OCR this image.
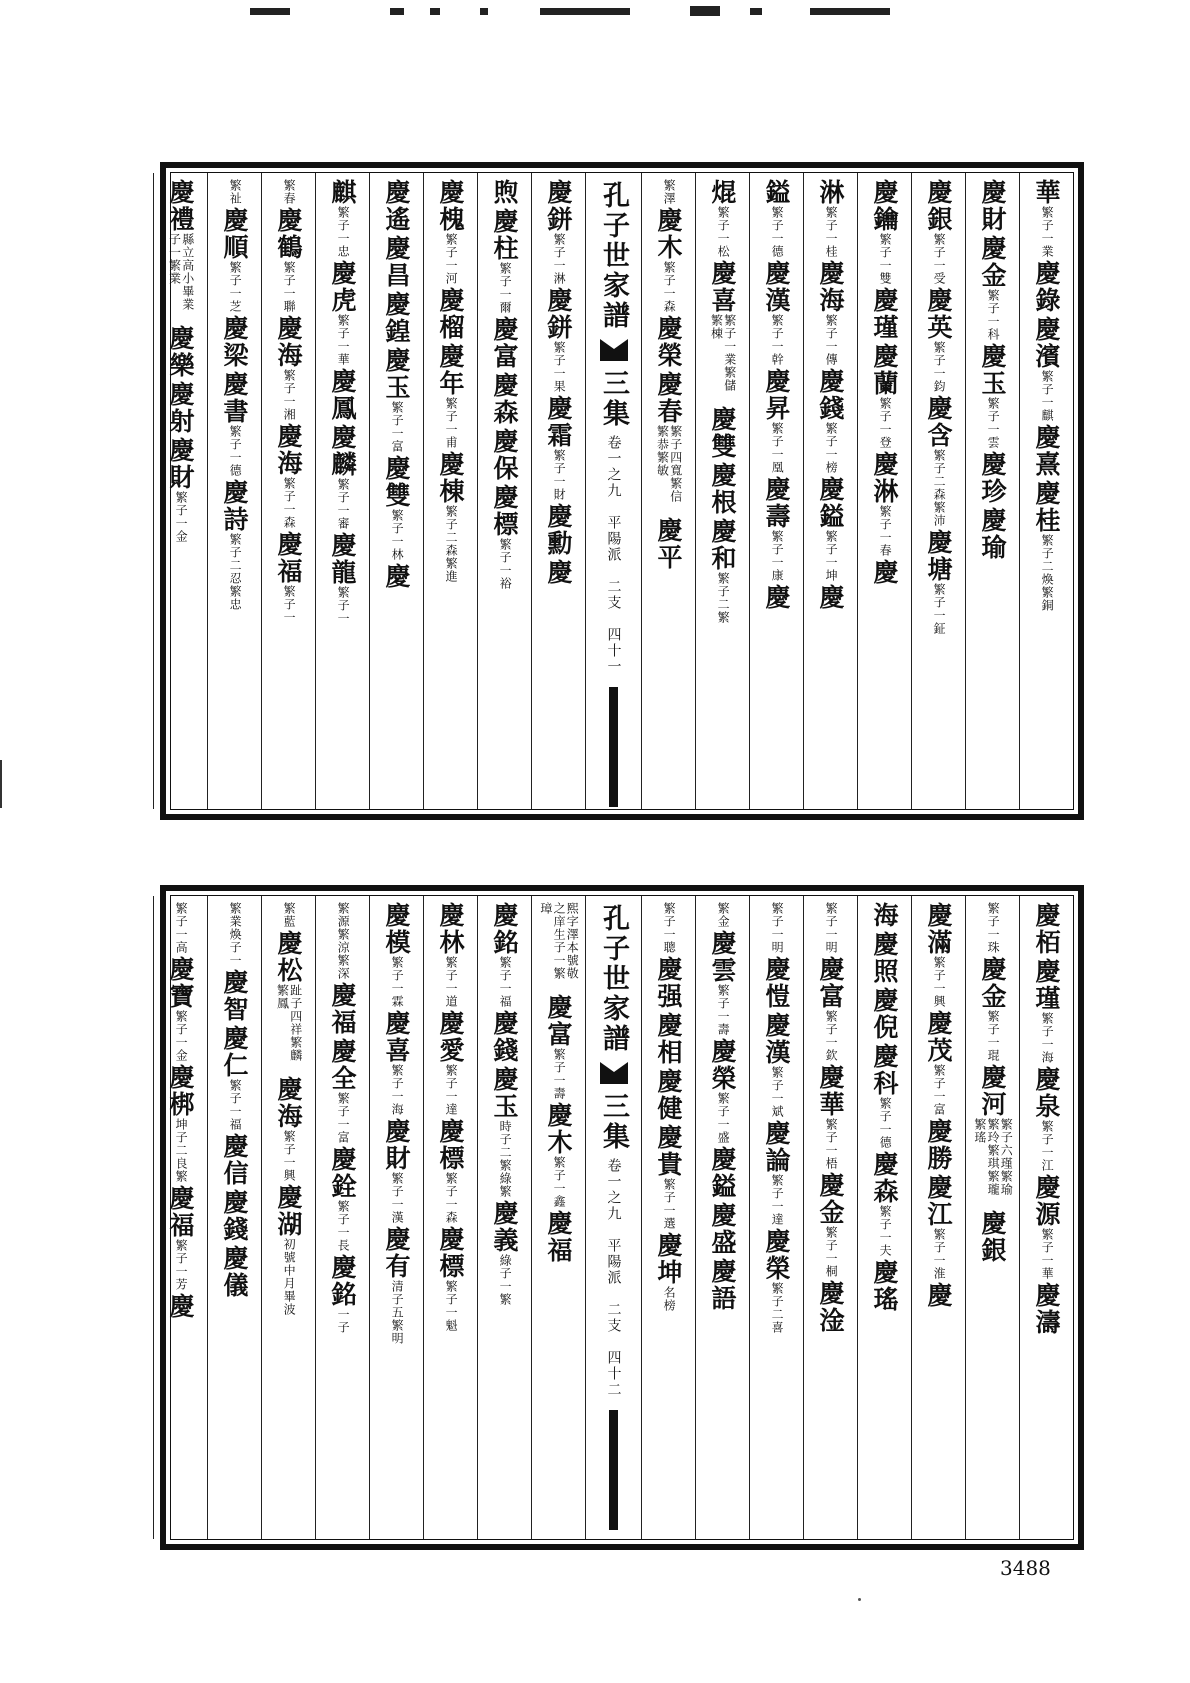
華
繁子一業
慶錄
慶濱
繁子一麒
慶熹
慶桂
繁子二煥繁銅
慶財
慶金
繁子一科
慶玉
繁子一雲
慶珍
慶瑜
慶銀
繁子一受
慶英
繁子一鈞
慶含
繁子二森繁沛
慶塘
繁子一鉦
慶鑰
繁子一雙
慶瑾
慶蘭
繁子一登
慶淋
繁子一春
慶
淋
繁子一桂
慶海
繁子一傳
慶錢
繁子一榜
慶鎰
繁子一坤
慶
鎰
繁子一德
慶漢
繁子一幹
慶昇
繁子一凰
慶壽
繁子一康
慶
焜
繁子一松
慶喜
繁子一業繁儲繁棟
慶雙
慶根
慶和
繁子二繁
繁澤
慶木
繁子一森
慶榮
慶春
繁子四寬繁信繁恭繁敏
慶平
孔子世家譜
三集
卷一之九　平陽派　二支　四十一
慶鉼
繁子一淋
慶鉼
繁子一果
慶霜
繁子一財
慶勳
慶
煦
慶柱
繁子一爾
慶富
慶森
慶保
慶標
繁子一裕
慶槐
繁子一河
慶榴
慶年
繁子一甫
慶棟
繁子二森繁進
慶遙
慶昌
慶鍠
慶玉
繁子一富
慶雙
繁子一林
慶
麒
繁子一忠
慶虎
繁子一華
慶鳳
慶麟
繁子一審
慶龍
繁子一
繁春
慶鶴
繁子一聯
慶海
繁子一湘
慶海
繁子一森
慶福
繁子一
繁祉
慶順
繁子一芝
慶梁
慶書
繁子一德
慶詩
繁子二忍繁忠
慶禮
縣立高小畢業子一繁業
慶樂
慶射
慶財
繁子一金
慶栢
慶瑾
繁子一海
慶泉
繁子一江
慶源
繁子一華
慶濤
繁子一珠
慶金
繁子一琨
慶河
繁子六瑾繁瑜繁玲繁琪繁瓏繁瑤
慶銀
慶滿
繁子一興
慶茂
繁子一富
慶勝
慶江
繁子一淮
慶
海
慶照
慶倪
慶科
繁子一德
慶森
繁子一夫
慶瑤
繁子一明
慶富
繁子一欽
慶華
繁子一梧
慶金
繁子一桐
慶淦
繁子一明
慶愷
慶漢
繁子一斌
慶論
繁子一達
慶榮
繁子二喜
繁金
慶雲
繁子一壽
慶榮
繁子一盛
慶鎰
慶盛
慶語
繁子一聰
慶强
慶相
慶健
慶貴
繁子一選
慶坤
名榜
孔子世家譜
三集
卷一之九　平陽派　二支　四十二
熙字澤本號敬之庠生子一繁璋
慶富
繁子一壽
慶木
繁子一鑫
慶福
慶銘
繁子一福
慶錢
慶玉
時子二繁綠繁
慶義
綠子一繁
慶林
繁子一道
慶愛
繁子一達
慶標
繁子一森
慶標
繁子一魁
慶模
繁子一霖
慶喜
繁子一海
慶財
繁子一漢
慶有
清子五繁明
繁源繁涼繁深
慶福
慶全
繁子一富
慶銓
繁子一長
慶銘
一子
繁藍
慶松
趾子四祥繁麟繁鳳
慶海
繁子一興
慶湖
初號中月畢波
繁業煥子一
慶智
慶仁
繁子一福
慶信
慶錢
慶儀
繁子一高
慶寶
繁子一金
慶梆
坤子二良繁
慶福
繁子一芳
慶
3488
